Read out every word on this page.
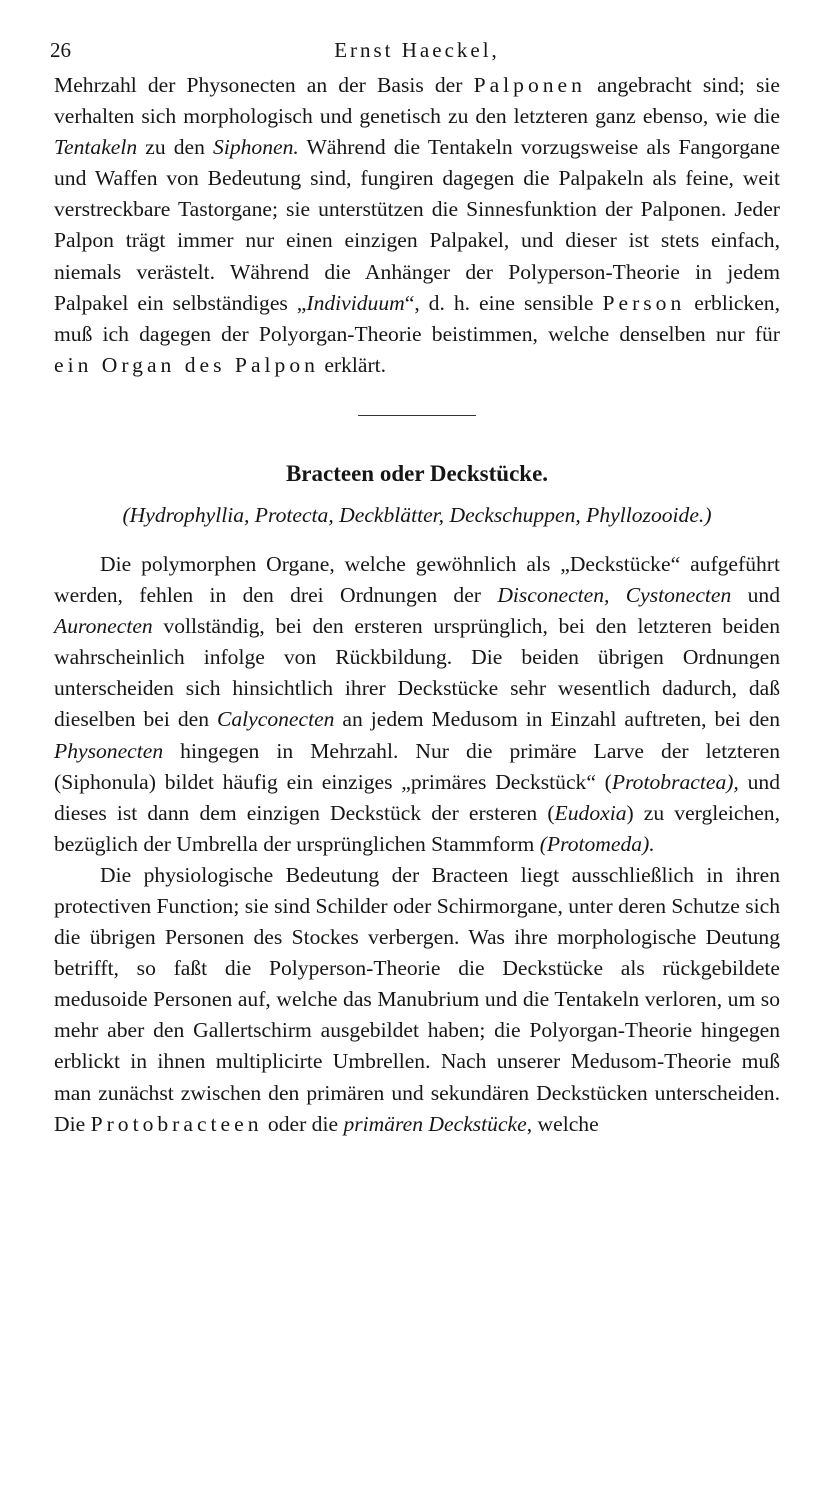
26	Ernst Haeckel,

Mehrzahl der Physonecten an der Basis der Palponen angebracht sind; sie verhalten sich morphologisch und genetisch zu den letzteren ganz ebenso, wie die Tentakeln zu den Siphonen. Während die Tentakeln vorzugsweise als Fangorgane und Waffen von Bedeutung sind, fungiren dagegen die Palpakeln als feine, weit verstreckbare Tastorgane; sie unterstützen die Sinnesfunktion der Palponen. Jeder Palpon trägt immer nur einen einzigen Palpakel, und dieser ist stets einfach, niemals verästelt. Während die Anhänger der Polyperson-Theorie in jedem Palpakel ein selbständiges „Individuum“, d. h. eine sensible Person erblicken, muß ich dagegen der Polyorgan-Theorie beistimmen, welche denselben nur für ein Organ des Palpon erklärt.

Bracteen oder Deckstücke.
(Hydrophyllia, Protecta, Deckblätter, Deckschuppen, Phyllozooide.)

Die polymorphen Organe, welche gewöhnlich als „Deckstücke“ aufgeführt werden, fehlen in den drei Ordnungen der Disconecten, Cystonecten und Auronecten vollständig, bei den ersteren ursprünglich, bei den letzteren beiden wahrscheinlich infolge von Rückbildung. Die beiden übrigen Ordnungen unterscheiden sich hinsichtlich ihrer Deckstücke sehr wesentlich dadurch, daß dieselben bei den Calyconecten an jedem Medusom in Einzahl auftreten, bei den Physonecten hingegen in Mehrzahl. Nur die primäre Larve der letzteren (Siphonula) bildet häufig ein einziges „primäres Deckstück“ (Protobractea), und dieses ist dann dem einzigen Deckstück der ersteren (Eudoxia) zu vergleichen, bezüglich der Umbrella der ursprünglichen Stammform (Protomeda).

Die physiologische Bedeutung der Bracteen liegt ausschließlich in ihren protectiven Function; sie sind Schilder oder Schirmorgane, unter deren Schutze sich die übrigen Personen des Stockes verbergen. Was ihre morphologische Deutung betrifft, so faßt die Polyperson-Theorie die Deckstücke als rückgebildete medusoide Personen auf, welche das Manubrium und die Tentakeln verloren, um so mehr aber den Gallertschirm ausgebildet haben; die Polyorgan-Theorie hingegen erblickt in ihnen multiplicirte Umbrellen. Nach unserer Medusom-Theorie muß man zunächst zwischen den primären und sekundären Deckstücken unterscheiden. Die Protobracteen oder die primären Deckstücke, welche
